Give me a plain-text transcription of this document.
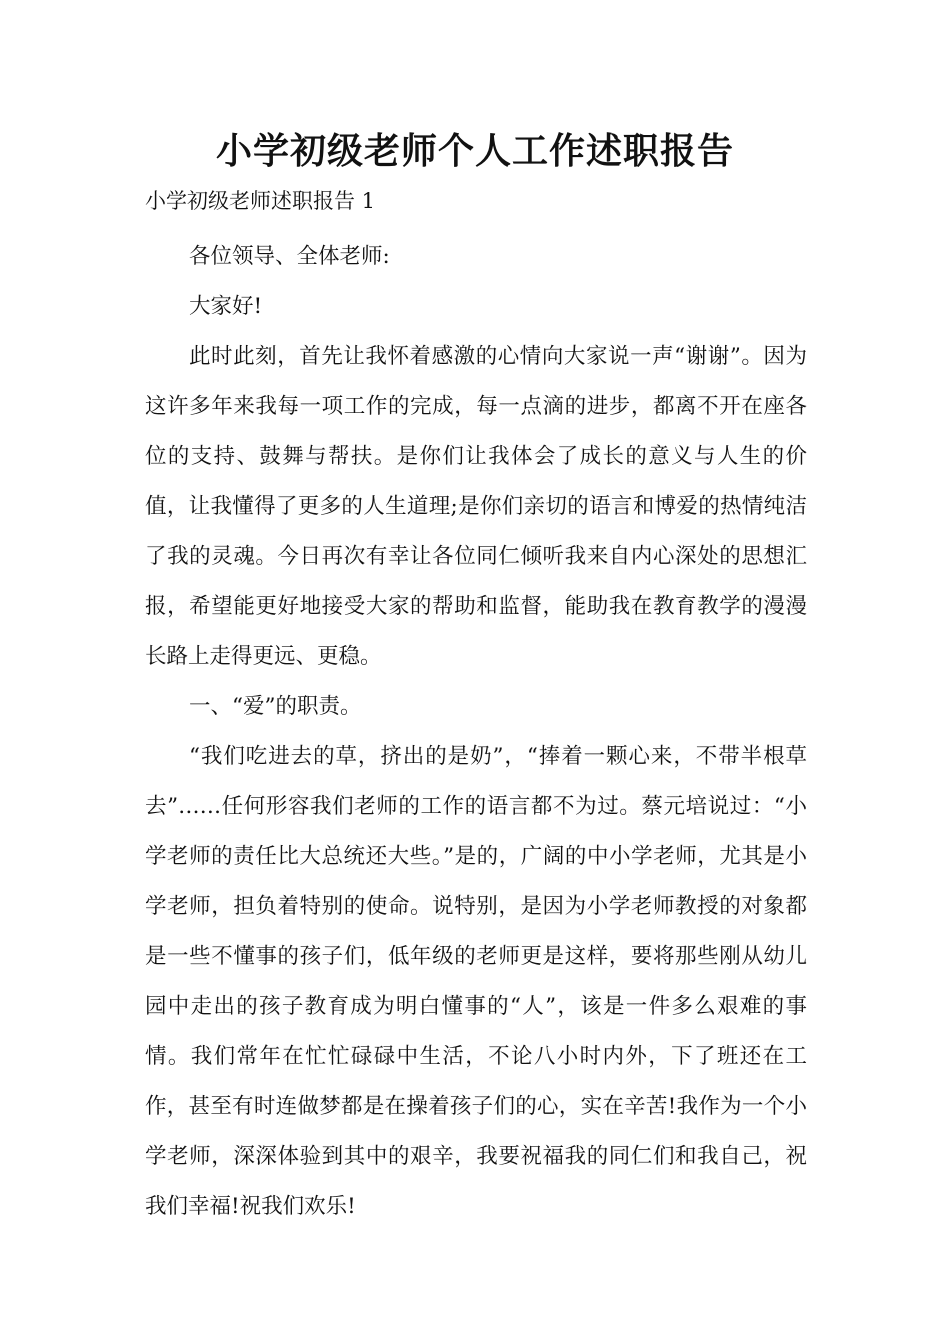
小学初级老师个人工作述职报告

小学初级老师述职报告 1

各位领导、全体老师:

大家好!

此时此刻，首先让我怀着感激的心情向大家说一声“谢谢”。因为这许多年来我每一项工作的完成，每一点滴的进步，都离不开在座各位的支持、鼓舞与帮扶。是你们让我体会了成长的意义与人生的价值，让我懂得了更多的人生道理;是你们亲切的语言和博爱的热情纯洁了我的灵魂。今日再次有幸让各位同仁倾听我来自内心深处的思想汇报，希望能更好地接受大家的帮助和监督，能助我在教育教学的漫漫长路上走得更远、更稳。

一、“爱”的职责。

“我们吃进去的草，挤出的是奶”，“捧着一颗心来，不带半根草去”……任何形容我们老师的工作的语言都不为过。蔡元培说过：“小学老师的责任比大总统还大些。”是的，广阔的中小学老师，尤其是小学老师，担负着特别的使命。说特别，是因为小学老师教授的对象都是一些不懂事的孩子们，低年级的老师更是这样，要将那些刚从幼儿园中走出的孩子教育成为明白懂事的“人”，该是一件多么艰难的事情。我们常年在忙忙碌碌中生活，不论八小时内外，下了班还在工作，甚至有时连做梦都是在操着孩子们的心，实在辛苦!我作为一个小学老师，深深体验到其中的艰辛，我要祝福我的同仁们和我自己，祝我们幸福!祝我们欢乐!
